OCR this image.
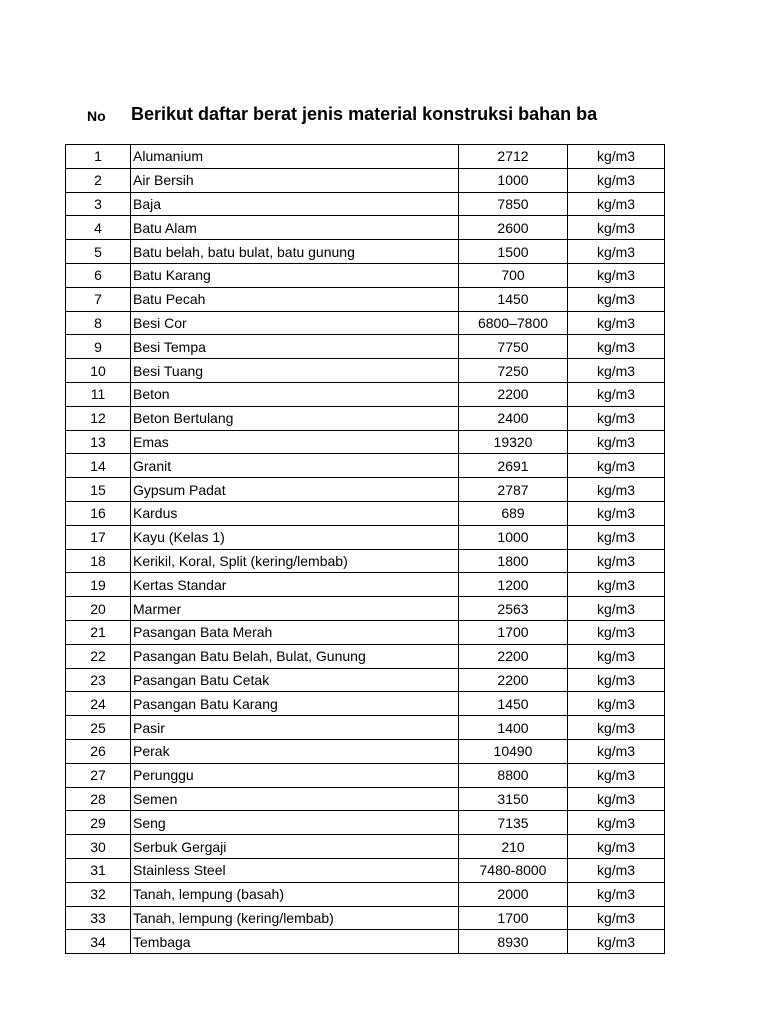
No Berikut daftar berat jenis material konstruksi bahan ba
1	Alumanium	2712	kg/m3
2	Air Bersih	1000	kg/m3
3	Baja	7850	kg/m3
4	Batu Alam	2600	kg/m3
5	Batu belah, batu bulat, batu gunung	1500	kg/m3
6	Batu Karang	700	kg/m3
7	Batu Pecah	1450	kg/m3
8	Besi Cor	6800–7800	kg/m3
9	Besi Tempa	7750	kg/m3
10	Besi Tuang	7250	kg/m3
11	Beton	2200	kg/m3
12	Beton Bertulang	2400	kg/m3
13	Emas	19320	kg/m3
14	Granit	2691	kg/m3
15	Gypsum Padat	2787	kg/m3
16	Kardus	689	kg/m3
17	Kayu (Kelas 1)	1000	kg/m3
18	Kerikil, Koral, Split (kering/lembab)	1800	kg/m3
19	Kertas Standar	1200	kg/m3
20	Marmer	2563	kg/m3
21	Pasangan Bata Merah	1700	kg/m3
22	Pasangan Batu Belah, Bulat, Gunung	2200	kg/m3
23	Pasangan Batu Cetak	2200	kg/m3
24	Pasangan Batu Karang	1450	kg/m3
25	Pasir	1400	kg/m3
26	Perak	10490	kg/m3
27	Perunggu	8800	kg/m3
28	Semen	3150	kg/m3
29	Seng	7135	kg/m3
30	Serbuk Gergaji	210	kg/m3
31	Stainless Steel	7480-8000	kg/m3
32	Tanah, lempung (basah)	2000	kg/m3
33	Tanah, lempung (kering/lembab)	1700	kg/m3
34	Tembaga	8930	kg/m3
